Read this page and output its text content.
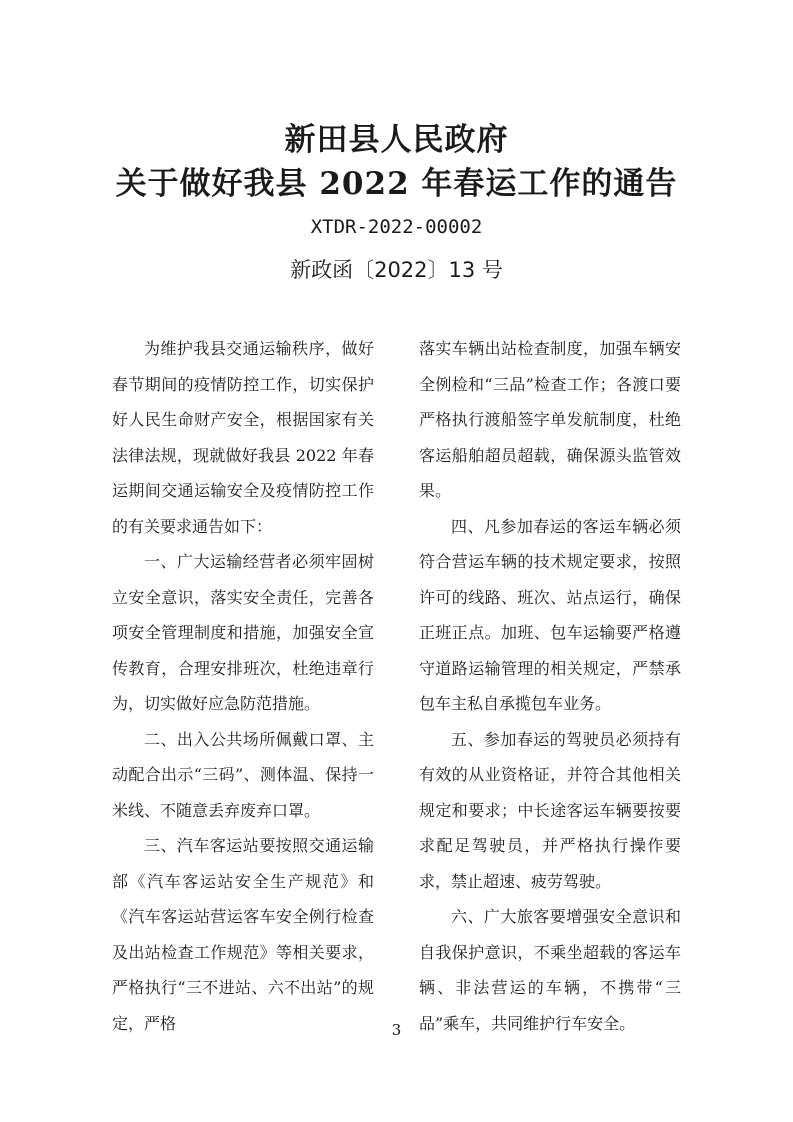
新田县人民政府
关于做好我县 2022 年春运工作的通告
XTDR-2022-00002
新政函〔2022〕13 号

为维护我县交通运输秩序，做好春节期间的疫情防控工作，切实保护好人民生命财产安全，根据国家有关法律法规，现就做好我县 2022 年春运期间交通运输安全及疫情防控工作的有关要求通告如下：

一、广大运输经营者必须牢固树立安全意识，落实安全责任，完善各项安全管理制度和措施，加强安全宣传教育，合理安排班次，杜绝违章行为，切实做好应急防范措施。

二、出入公共场所佩戴口罩、主动配合出示“三码”、测体温、保持一米线、不随意丢弃废弃口罩。

三、汽车客运站要按照交通运输部《汽车客运站安全生产规范》和《汽车客运站营运客车安全例行检查及出站检查工作规范》等相关要求，严格执行“三不进站、六不出站”的规定，严格

落实车辆出站检查制度，加强车辆安全例检和“三品”检查工作；各渡口要严格执行渡船签字单发航制度，杜绝客运船舶超员超载，确保源头监管效果。

四、凡参加春运的客运车辆必须符合营运车辆的技术规定要求，按照许可的线路、班次、站点运行，确保正班正点。加班、包车运输要严格遵守道路运输管理的相关规定，严禁承包车主私自承揽包车业务。

五、参加春运的驾驶员必须持有有效的从业资格证，并符合其他相关规定和要求；中长途客运车辆要按要求配足驾驶员，并严格执行操作要求，禁止超速、疲劳驾驶。

六、广大旅客要增强安全意识和自我保护意识，不乘坐超载的客运车辆、非法营运的车辆，不携带“三品”乘车，共同维护行车安全。

3
